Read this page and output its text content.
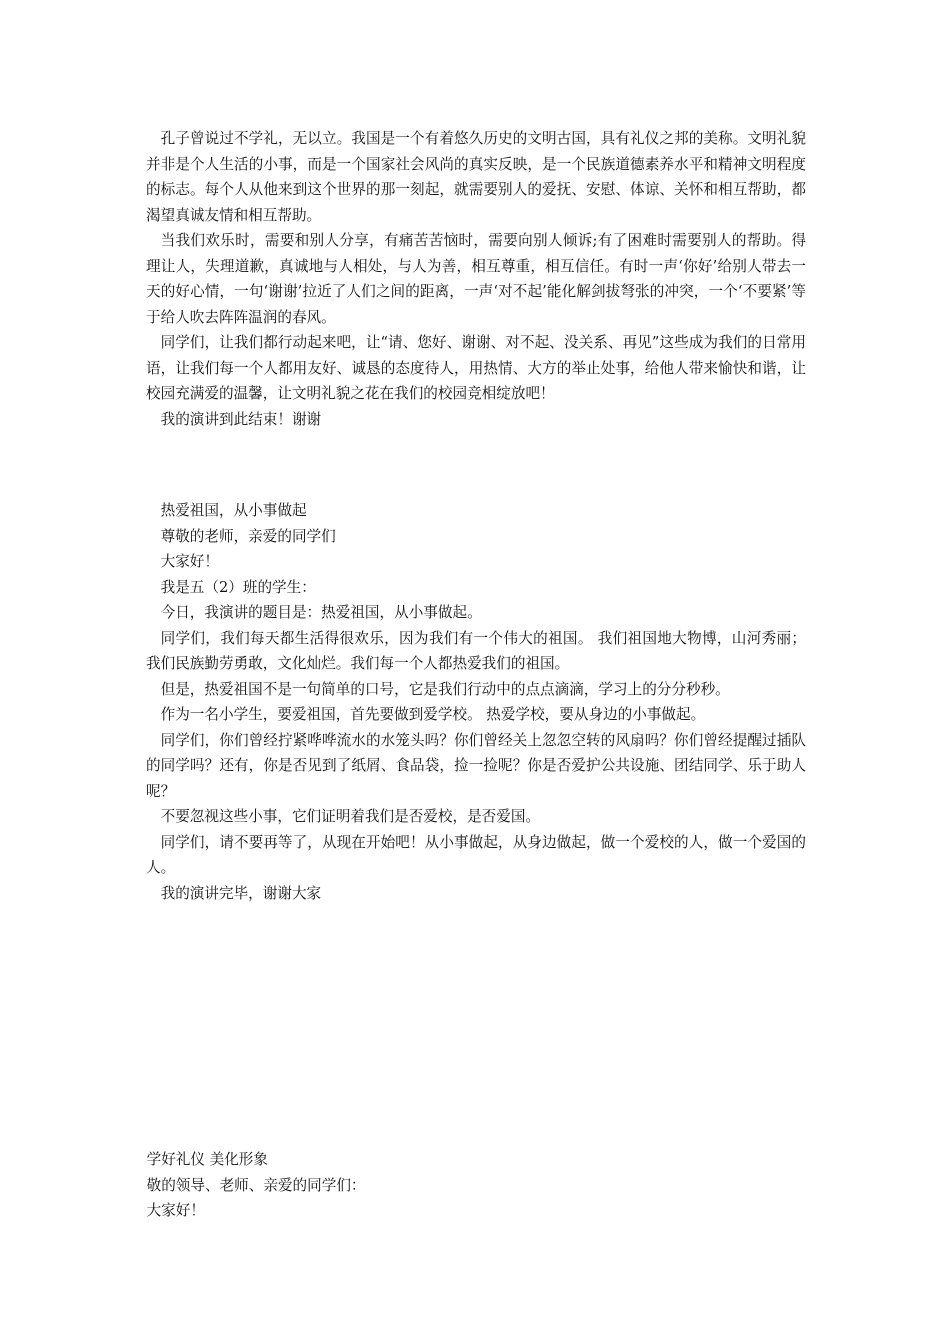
孔子曾说过不学礼，无以立。我国是一个有着悠久历史的文明古国，具有礼仪之邦的美称。文明礼貌并非是个人生活的小事，而是一个国家社会风尚的真实反映，是一个民族道德素养水平和精神文明程度的标志。每个人从他来到这个世界的那一刻起，就需要别人的爱抚、安慰、体谅、关怀和相互帮助，都渴望真诚友情和相互帮助。

当我们欢乐时，需要和别人分享，有痛苦苦恼时，需要向别人倾诉;有了困难时需要别人的帮助。得理让人，失理道歉，真诚地与人相处，与人为善，相互尊重，相互信任。有时一声‘你好’给别人带去一天的好心情，一句‘谢谢’拉近了人们之间的距离，一声‘对不起’能化解剑拔弩张的冲突，一个‘不要紧’等于给人吹去阵阵温润的春风。

同学们，让我们都行动起来吧，让“请、您好、谢谢、对不起、没关系、再见”这些成为我们的日常用语，让我们每一个人都用友好、诚恳的态度待人，用热情、大方的举止处事，给他人带来愉快和谐，让校园充满爱的温馨，让文明礼貌之花在我们的校园竞相绽放吧！

我的演讲到此结束！谢谢

热爱祖国，从小事做起

尊敬的老师，亲爱的同学们

大家好！

我是五（2）班的学生：

今日，我演讲的题目是：热爱祖国，从小事做起。

同学们，我们每天都生活得很欢乐，因为我们有一个伟大的祖国。 我们祖国地大物博，山河秀丽；我们民族勤劳勇敢，文化灿烂。我们每一个人都热爱我们的祖国。

但是，热爱祖国不是一句简单的口号，它是我们行动中的点点滴滴，学习上的分分秒秒。

作为一名小学生，要爱祖国，首先要做到爱学校。 热爱学校，要从身边的小事做起。

同学们，你们曾经拧紧哗哗流水的水笼头吗？你们曾经关上忽忽空转的风扇吗？你们曾经提醒过插队的同学吗？还有，你是否见到了纸屑、食品袋，捡一捡呢？你是否爱护公共设施、团结同学、乐于助人呢？

不要忽视这些小事，它们证明着我们是否爱校，是否爱国。

同学们，请不要再等了，从现在开始吧！从小事做起，从身边做起，做一个爱校的人，做一个爱国的人。

我的演讲完毕，谢谢大家

学好礼仪 美化形象

敬的领导、老师、亲爱的同学们：

大家好！
